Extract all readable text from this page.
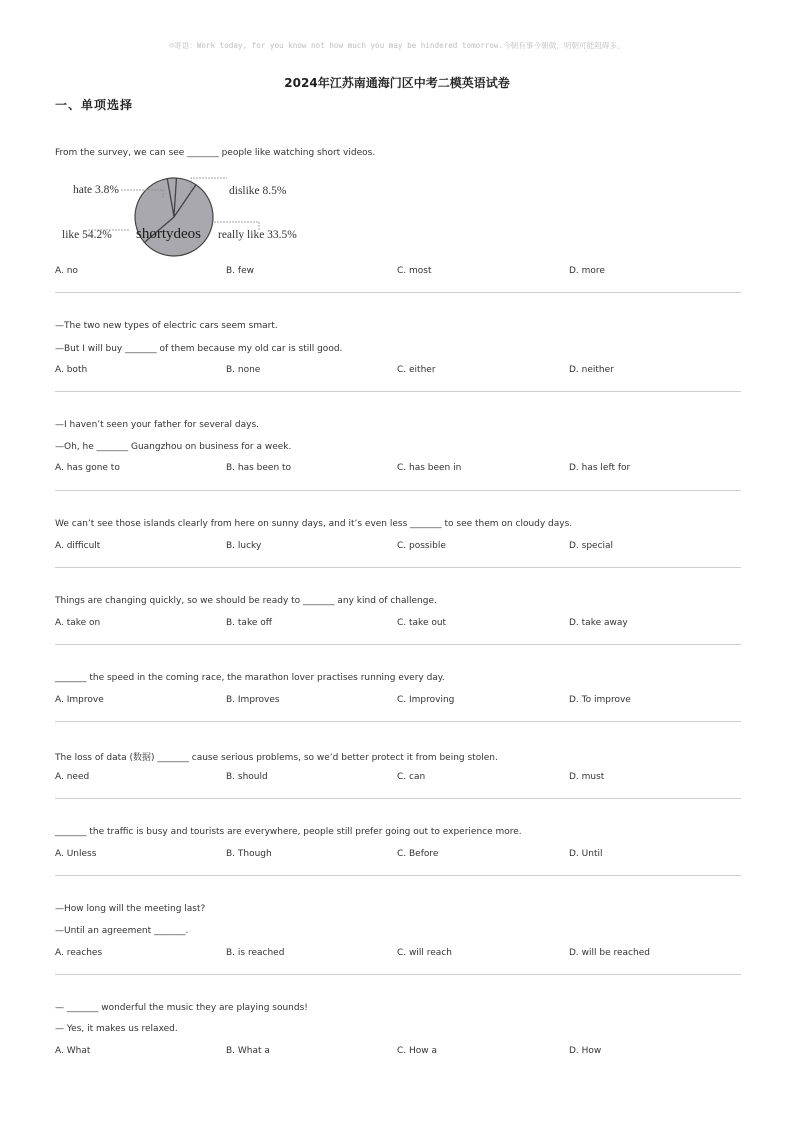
☺寄语：Work today, for you know not how much you may be hindered tomorrow.今朝有事今朝做，明朝可能阻碍多。
2024年江苏南通海门区中考二模英语试卷
一、单项选择
From the survey, we can see _______ people like watching short videos.
A. no	B. few	C. most	D. more
hate 3.8%	dislike 8.5%
like 54.2% shortydeos really like 33.5%
—The two new types of electric cars seem smart.
—But I will buy _______ of them because my old car is still good.
A. both	B. none	C. either	D. neither
—I haven’t seen your father for several days.
—Oh, he _______ Guangzhou on business for a week.
A. has gone to	B. has been to	C. has been in	D. has left for
We can’t see those islands clearly from here on sunny days, and it’s even less _______ to see them on cloudy days.
A. difficult	B. lucky	C. possible	D. special
Things are changing quickly, so we should be ready to _______ any kind of challenge.
A. take on	B. take off	C. take out	D. take away
_______ the speed in the coming race, the marathon lover practises running every day.
A. Improve	B. Improves	C. Improving	D. To improve
The loss of data (数据) _______ cause serious problems, so we’d better protect it from being stolen.
A. need	B. should	C. can	D. must
_______ the traffic is busy and tourists are everywhere, people still prefer going out to experience more.
A. Unless	B. Though	C. Before	D. Until
—How long will the meeting last?
—Until an agreement _______.
A. reaches	B. is reached	C. will reach	D. will be reached
— _______ wonderful the music they are playing sounds!
— Yes, it makes us relaxed.
A. What	B. What a	C. How a	D. How
